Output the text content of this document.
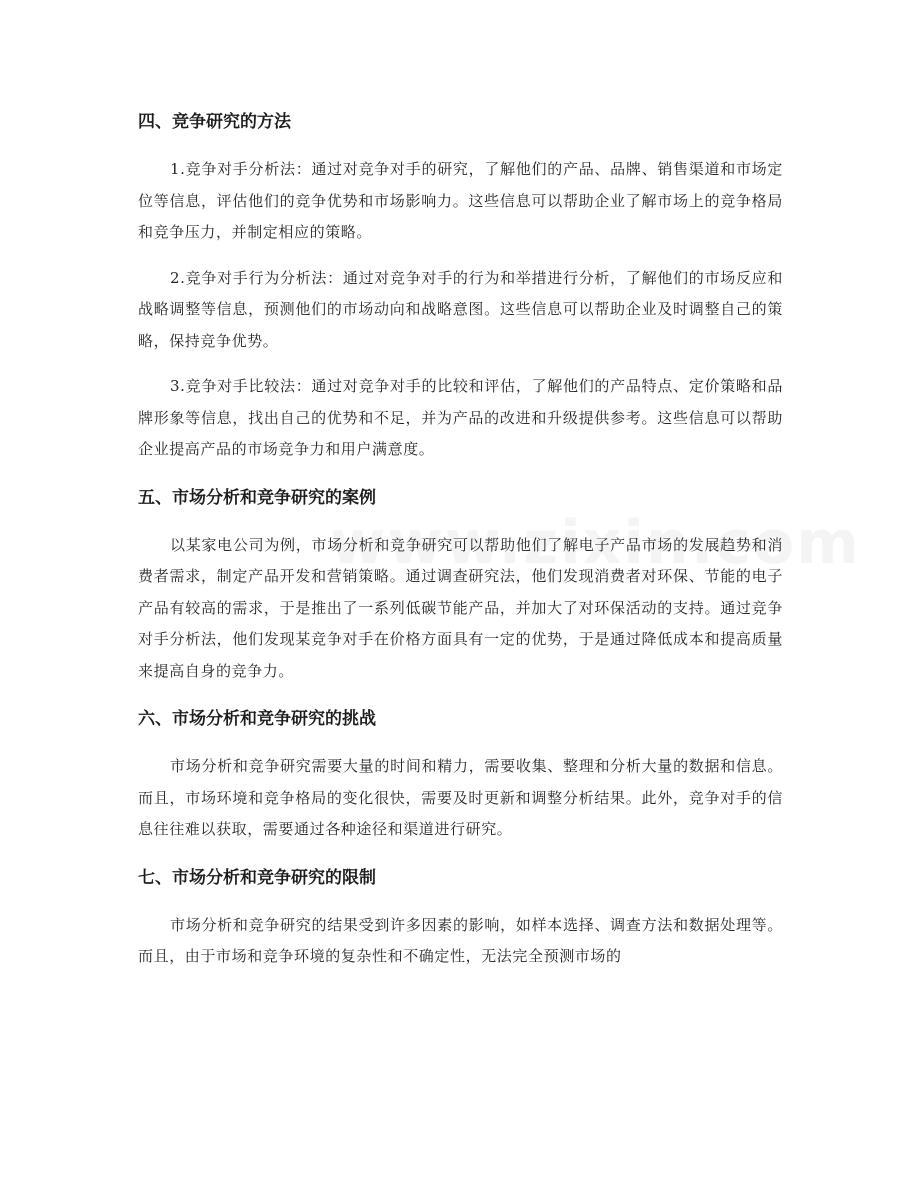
四、竞争研究的方法

1.竞争对手分析法：通过对竞争对手的研究，了解他们的产品、品牌、销售渠道和市场定位等信息，评估他们的竞争优势和市场影响力。这些信息可以帮助企业了解市场上的竞争格局和竞争压力，并制定相应的策略。

2.竞争对手行为分析法：通过对竞争对手的行为和举措进行分析，了解他们的市场反应和战略调整等信息，预测他们的市场动向和战略意图。这些信息可以帮助企业及时调整自己的策略，保持竞争优势。

3.竞争对手比较法：通过对竞争对手的比较和评估，了解他们的产品特点、定价策略和品牌形象等信息，找出自己的优势和不足，并为产品的改进和升级提供参考。这些信息可以帮助企业提高产品的市场竞争力和用户满意度。

五、市场分析和竞争研究的案例

以某家电公司为例，市场分析和竞争研究可以帮助他们了解电子产品市场的发展趋势和消费者需求，制定产品开发和营销策略。通过调查研究法，他们发现消费者对环保、节能的电子产品有较高的需求，于是推出了一系列低碳节能产品，并加大了对环保活动的支持。通过竞争对手分析法，他们发现某竞争对手在价格方面具有一定的优势，于是通过降低成本和提高质量来提高自身的竞争力。

六、市场分析和竞争研究的挑战

市场分析和竞争研究需要大量的时间和精力，需要收集、整理和分析大量的数据和信息。而且，市场环境和竞争格局的变化很快，需要及时更新和调整分析结果。此外，竞争对手的信息往往难以获取，需要通过各种途径和渠道进行研究。

七、市场分析和竞争研究的限制

市场分析和竞争研究的结果受到许多因素的影响，如样本选择、调查方法和数据处理等。而且，由于市场和竞争环境的复杂性和不确定性，无法完全预测市场的
